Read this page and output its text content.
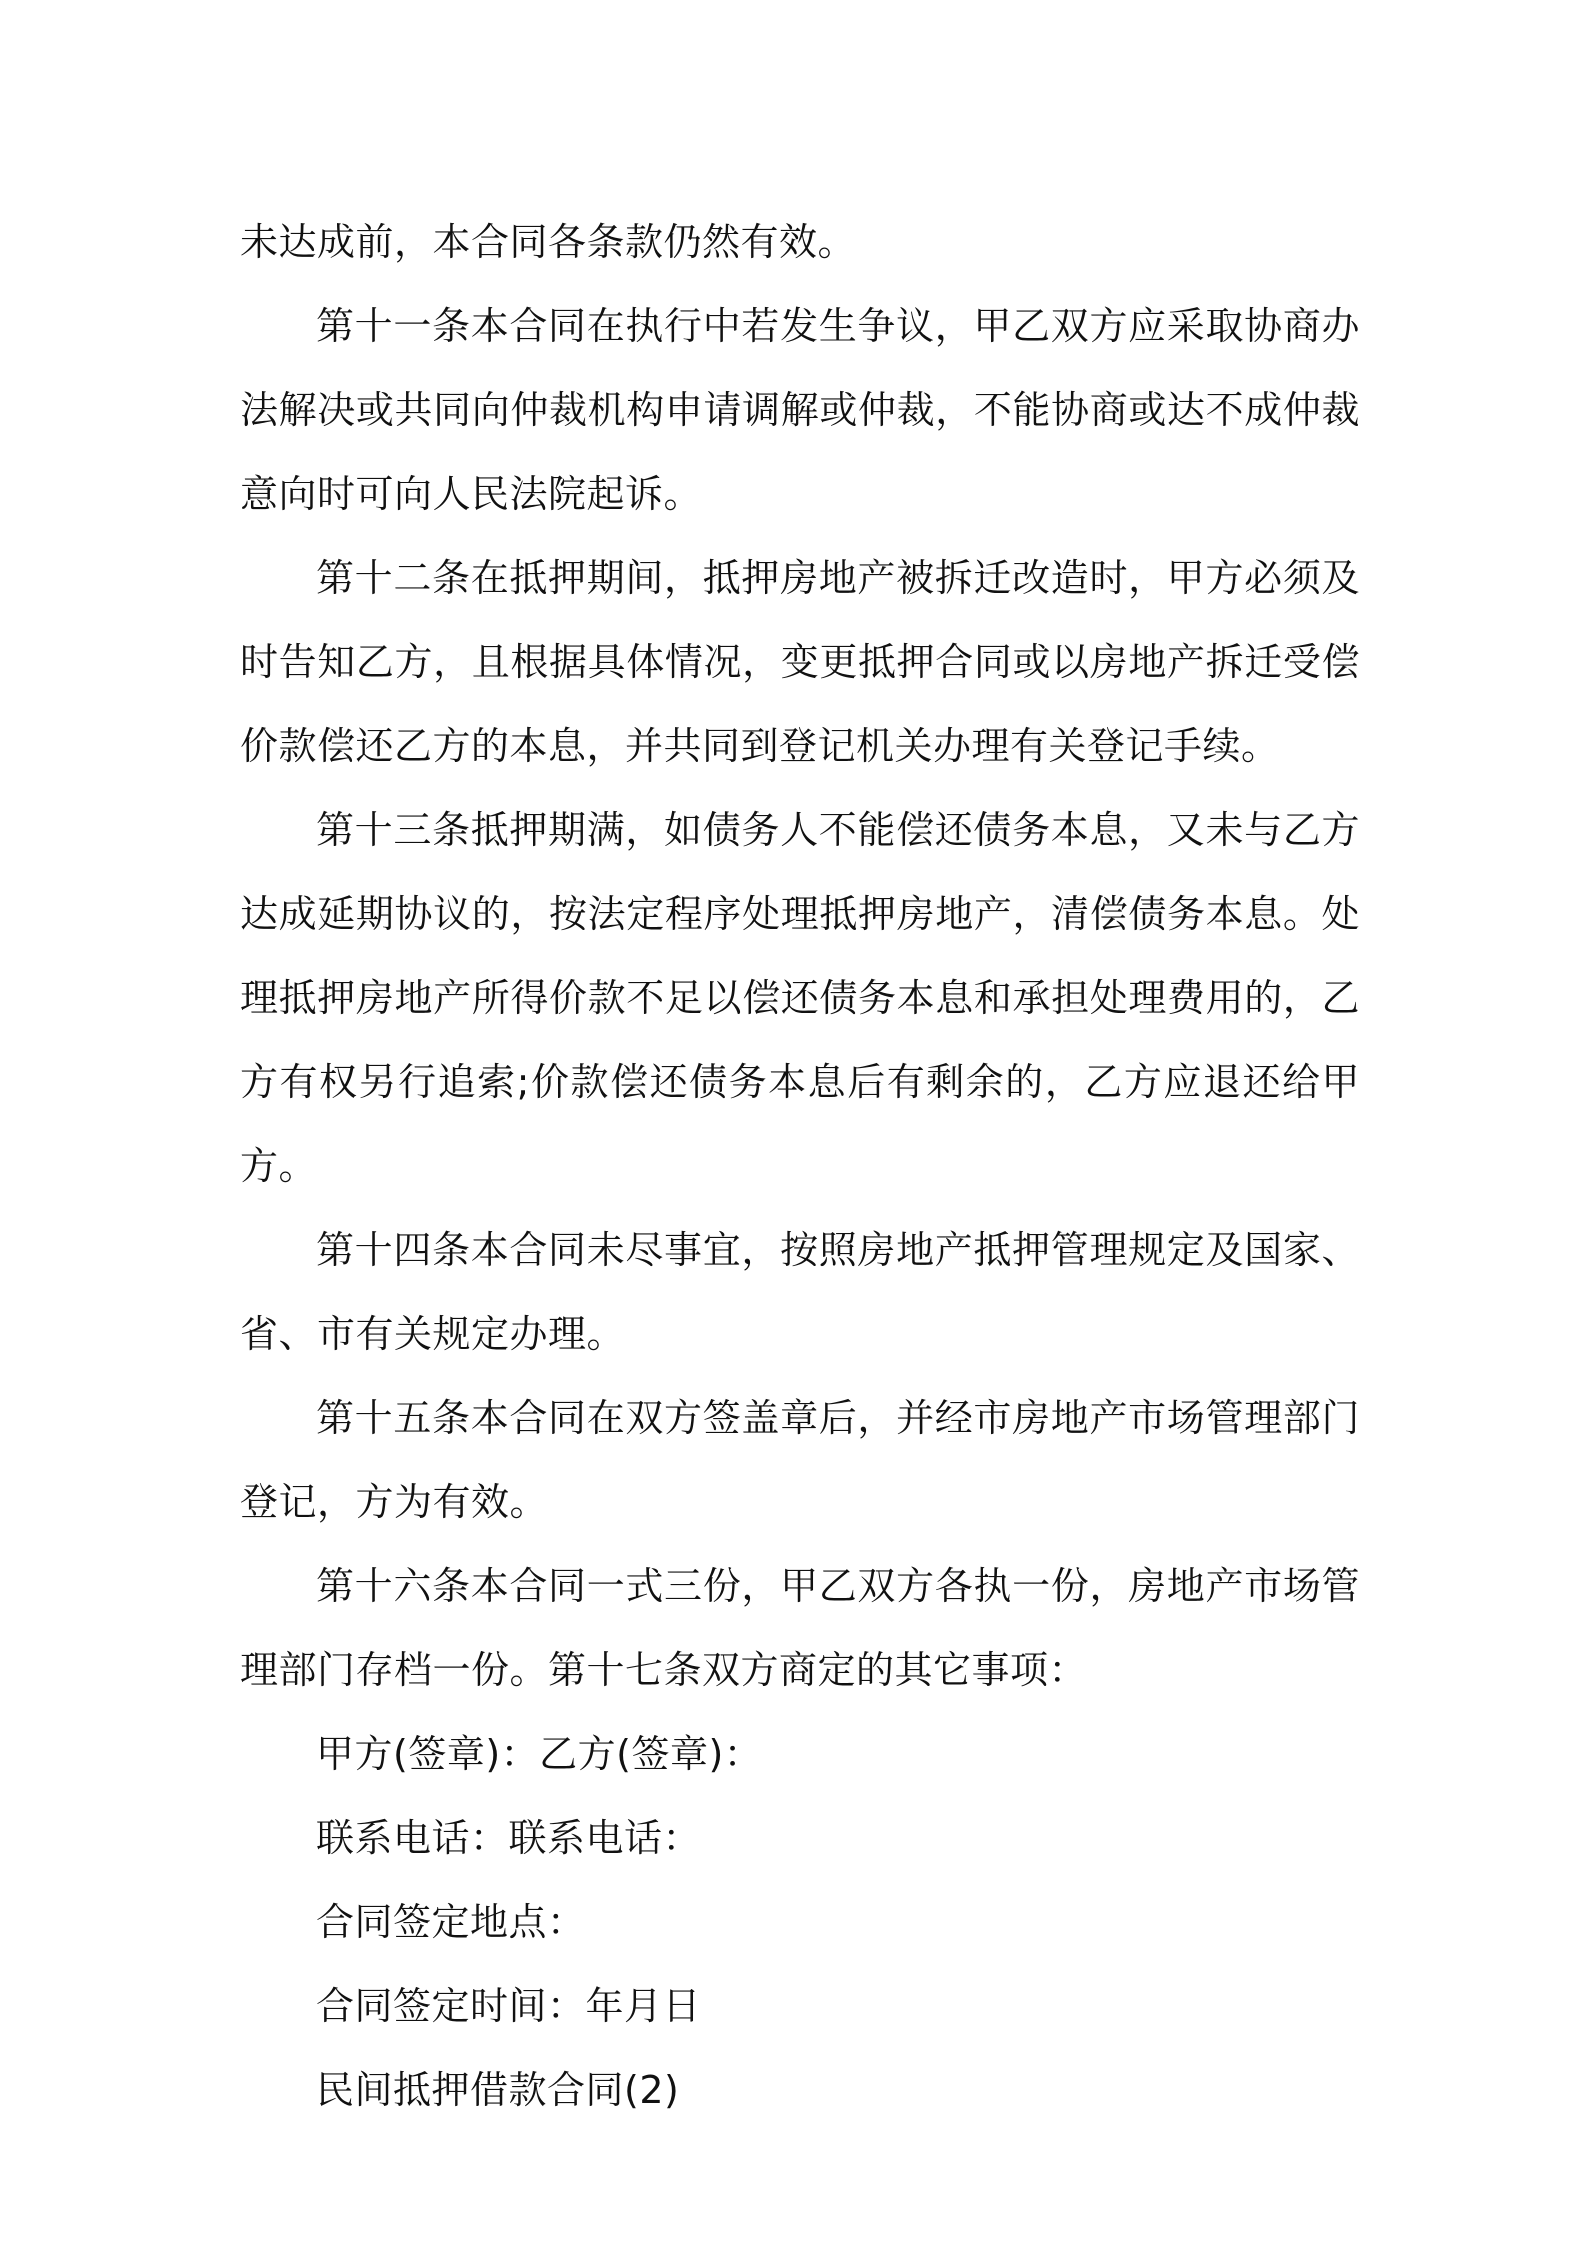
未达成前，本合同各条款仍然有效。

第十一条本合同在执行中若发生争议，甲乙双方应采取协商办法解决或共同向仲裁机构申请调解或仲裁，不能协商或达不成仲裁意向时可向人民法院起诉。

第十二条在抵押期间，抵押房地产被拆迁改造时，甲方必须及时告知乙方，且根据具体情况，变更抵押合同或以房地产拆迁受偿价款偿还乙方的本息，并共同到登记机关办理有关登记手续。

第十三条抵押期满，如债务人不能偿还债务本息，又未与乙方达成延期协议的，按法定程序处理抵押房地产，清偿债务本息。处理抵押房地产所得价款不足以偿还债务本息和承担处理费用的，乙方有权另行追索;价款偿还债务本息后有剩余的，乙方应退还给甲方。

第十四条本合同未尽事宜，按照房地产抵押管理规定及国家、省、市有关规定办理。

第十五条本合同在双方签盖章后，并经市房地产市场管理部门登记，方为有效。

第十六条本合同一式三份，甲乙双方各执一份，房地产市场管理部门存档一份。第十七条双方商定的其它事项：

甲方(签章)：乙方(签章)：

联系电话：联系电话：

合同签定地点：

合同签定时间：年月日

民间抵押借款合同(2)
